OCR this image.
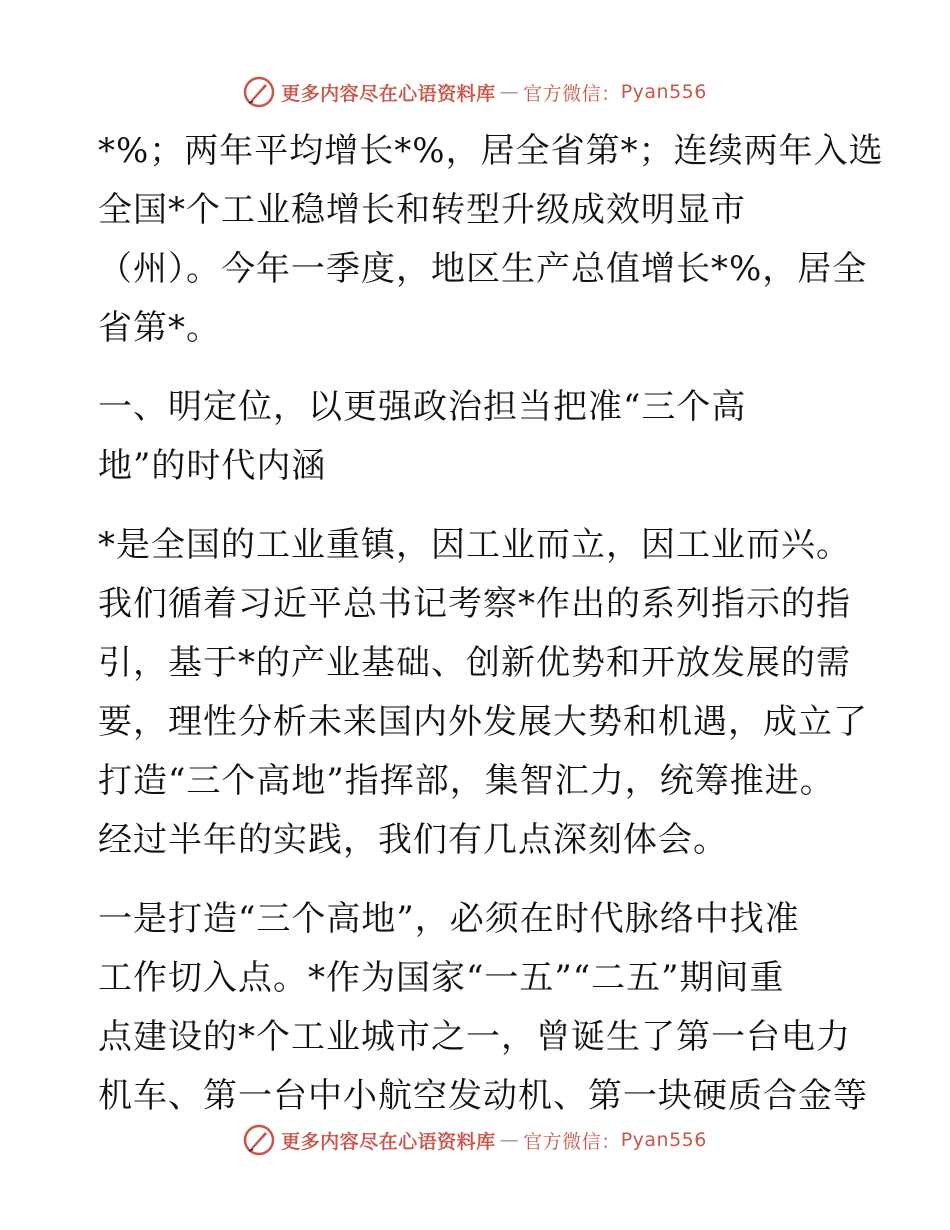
更多内容尽在心语资料库 — 官方微信： Pyan556
*%；两年平均增长*%，居全省第*；连续两年入选
全国*个工业稳增长和转型升级成效明显市
（州）。今年一季度，地区生产总值增长*%，居全
省第*。
一、明定位，以更强政治担当把准“三个高
地”的时代内涵
*是全国的工业重镇，因工业而立，因工业而兴。
我们循着习近平总书记考察*作出的系列指示的指
引，基于*的产业基础、创新优势和开放发展的需
要，理性分析未来国内外发展大势和机遇，成立了
打造“三个高地”指挥部，集智汇力，统筹推进。
经过半年的实践，我们有几点深刻体会。
一是打造“三个高地”，必须在时代脉络中找准
工作切入点。*作为国家“一五”“二五”期间重
点建设的*个工业城市之一，曾诞生了第一台电力
机车、第一台中小航空发动机、第一块硬质合金等
更多内容尽在心语资料库 — 官方微信： Pyan556
